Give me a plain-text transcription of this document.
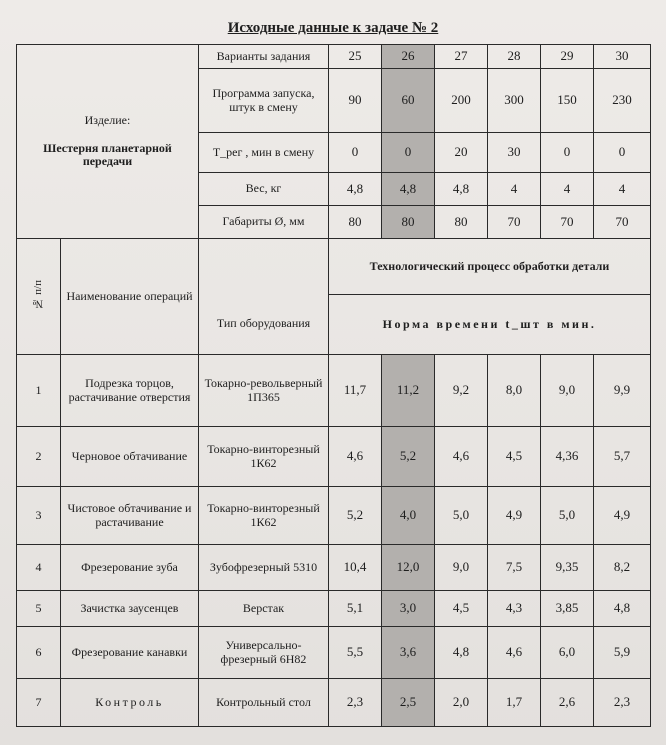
Исходные данные к задаче № 2
Изделие:
Шестерня планетарной передачи		Варианты задания	25	26	27	28	29	30
		Программа запуска, штук в смену	90	60	200	300	150	230
		Т_рег , мин в смену	0	0	20	30	0	0
		Вес, кг	4,8	4,8	4,8	4	4	4
		Габариты Ø, мм	80	80	80	70	70	70
№ п/п	Наименование операций		Технологический процесс обработки детали					
		Тип оборудования	Норма времени t_шт в мин.					
1	Подрезка торцов, растачивание отверстия	Токарно-револьверный 1П365	11,7	11,2	9,2	8,0	9,0	9,9
2	Черновое обтачивание	Токарно-винторезный 1К62	4,6	5,2	4,6	4,5	4,36	5,7
3	Чистовое обтачивание и растачивание	Токарно-винторезный 1К62	5,2	4,0	5,0	4,9	5,0	4,9
4	Фрезерование зуба	Зубофрезерный 5310	10,4	12,0	9,0	7,5	9,35	8,2
5	Зачистка заусенцев	Верстак	5,1	3,0	4,5	4,3	3,85	4,8
6	Фрезерование канавки	Универсально-фрезерный 6Н82	5,5	3,6	4,8	4,6	6,0	5,9
7	Контроль	Контрольный стол	2,3	2,5	2,0	1,7	2,6	2,3
